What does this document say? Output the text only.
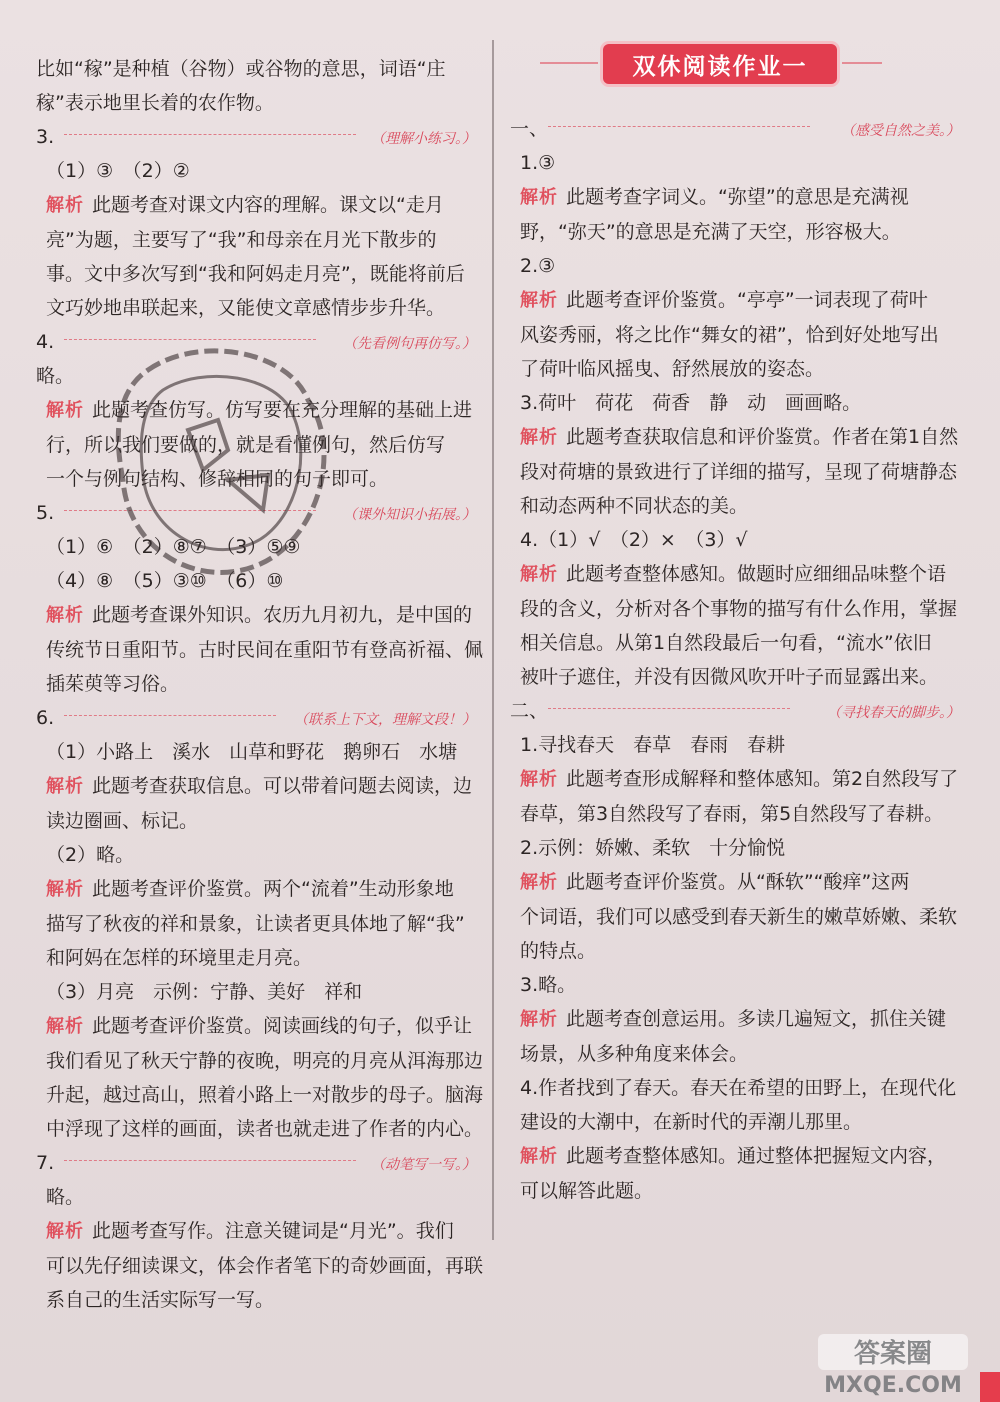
比如“稼”是种植（谷物）或谷物的意思，词语“庄
稼”表示地里长着的农作物。
3.	（理解小练习。）
（1）③　（2）②
解析 此题考查对课文内容的理解。课文以“走月
亮”为题，主要写了“我”和母亲在月光下散步的
事。文中多次写到“我和阿妈走月亮”，既能将前后
文巧妙地串联起来，又能使文章感情步步升华。
4.	（先看例句再仿写。）
略。
解析 此题考查仿写。仿写要在充分理解的基础上进
行，所以我们要做的，就是看懂例句，然后仿写
一个与例句结构、修辞相同的句子即可。
5.	（课外知识小拓展。）
（1）⑥　（2）⑧⑦　（3）⑤⑨
（4）⑧　（5）③⑩　（6）⑩
解析 此题考查课外知识。农历九月初九，是中国的
传统节日重阳节。古时民间在重阳节有登高祈福、佩
插茱萸等习俗。
6.	（联系上下文，理解文段！）
（1）小路上　溪水　山草和野花　鹅卵石　水塘
解析 此题考查获取信息。可以带着问题去阅读，边
读边圈画、标记。
（2）略。
解析 此题考查评价鉴赏。两个“流着”生动形象地
描写了秋夜的祥和景象，让读者更具体地了解“我”
和阿妈在怎样的环境里走月亮。
（3）月亮　示例：宁静、美好　祥和
解析 此题考查评价鉴赏。阅读画线的句子，似乎让
我们看见了秋天宁静的夜晚，明亮的月亮从洱海那边
升起，越过高山，照着小路上一对散步的母子。脑海
中浮现了这样的画面，读者也就走进了作者的内心。
7.	（动笔写一写。）
略。
解析 此题考查写作。注意关键词是“月光”。我们
可以先仔细读课文，体会作者笔下的奇妙画面，再联
系自己的生活实际写一写。
双休阅读作业一
一、	（感受自然之美。）
1.③
解析 此题考查字词义。“弥望”的意思是充满视
野，“弥天”的意思是充满了天空，形容极大。
2.③
解析 此题考查评价鉴赏。“亭亭”一词表现了荷叶
风姿秀丽，将之比作“舞女的裙”，恰到好处地写出
了荷叶临风摇曳、舒然展放的姿态。
3.荷叶　荷花　荷香　静　动　画画略。
解析 此题考查获取信息和评价鉴赏。作者在第1自然
段对荷塘的景致进行了详细的描写，呈现了荷塘静态
和动态两种不同状态的美。
4.（1）√　（2）×　（3）√
解析 此题考查整体感知。做题时应细细品味整个语
段的含义，分析对各个事物的描写有什么作用，掌握
相关信息。从第1自然段最后一句看，“流水”依旧
被叶子遮住，并没有因微风吹开叶子而显露出来。
二、	（寻找春天的脚步。）
1.寻找春天　春草　春雨　春耕
解析 此题考查形成解释和整体感知。第2自然段写了
春草，第3自然段写了春雨，第5自然段写了春耕。
2.示例：娇嫩、柔软　十分愉悦
解析 此题考查评价鉴赏。从“酥软”“酸痒”这两
个词语，我们可以感受到春天新生的嫩草娇嫩、柔软
的特点。
3.略。
解析 此题考查创意运用。多读几遍短文，抓住关键
场景，从多种角度来体会。
4.作者找到了春天。春天在希望的田野上，在现代化
建设的大潮中，在新时代的弄潮儿那里。
解析 此题考查整体感知。通过整体把握短文内容，
可以解答此题。
答案圈
MXQE.COM
